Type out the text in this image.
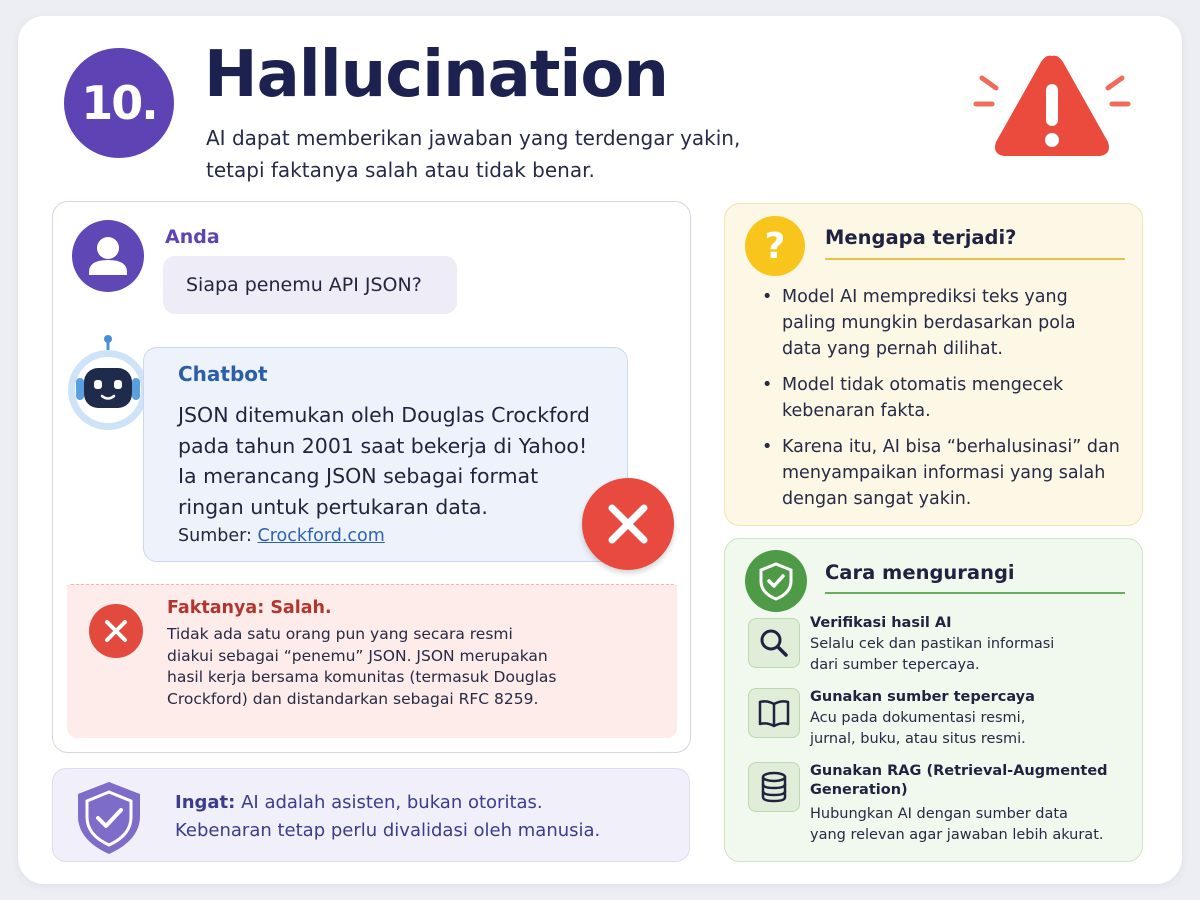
10. Hallucination
AI dapat memberikan jawaban yang terdengar yakin,
tetapi faktanya salah atau tidak benar.
Anda
Siapa penemu API JSON?
Chatbot
JSON ditemukan oleh Douglas Crockford
pada tahun 2001 saat bekerja di Yahoo!
Ia merancang JSON sebagai format
ringan untuk pertukaran data.
Sumber: Crockford.com
Faktanya: Salah.
Tidak ada satu orang pun yang secara resmi
diakui sebagai “penemu” JSON. JSON merupakan
hasil kerja bersama komunitas (termasuk Douglas
Crockford) dan distandarkan sebagai RFC 8259.
Ingat: AI adalah asisten, bukan otoritas.
Kebenaran tetap perlu divalidasi oleh manusia.
?	Mengapa terjadi?
• Model AI memprediksi teks yang paling mungkin berdasarkan pola data yang pernah dilihat.
• Model tidak otomatis mengecek kebenaran fakta.
• Karena itu, AI bisa “berhalusinasi” dan menyampaikan informasi yang salah dengan sangat yakin.
Cara mengurangi
Verifikasi hasil AI
Selalu cek dan pastikan informasi
dari sumber tepercaya.
Gunakan sumber tepercaya
Acu pada dokumentasi resmi,
jurnal, buku, atau situs resmi.
Gunakan RAG (Retrieval-Augmented
Generation)
Hubungkan AI dengan sumber data
yang relevan agar jawaban lebih akurat.
